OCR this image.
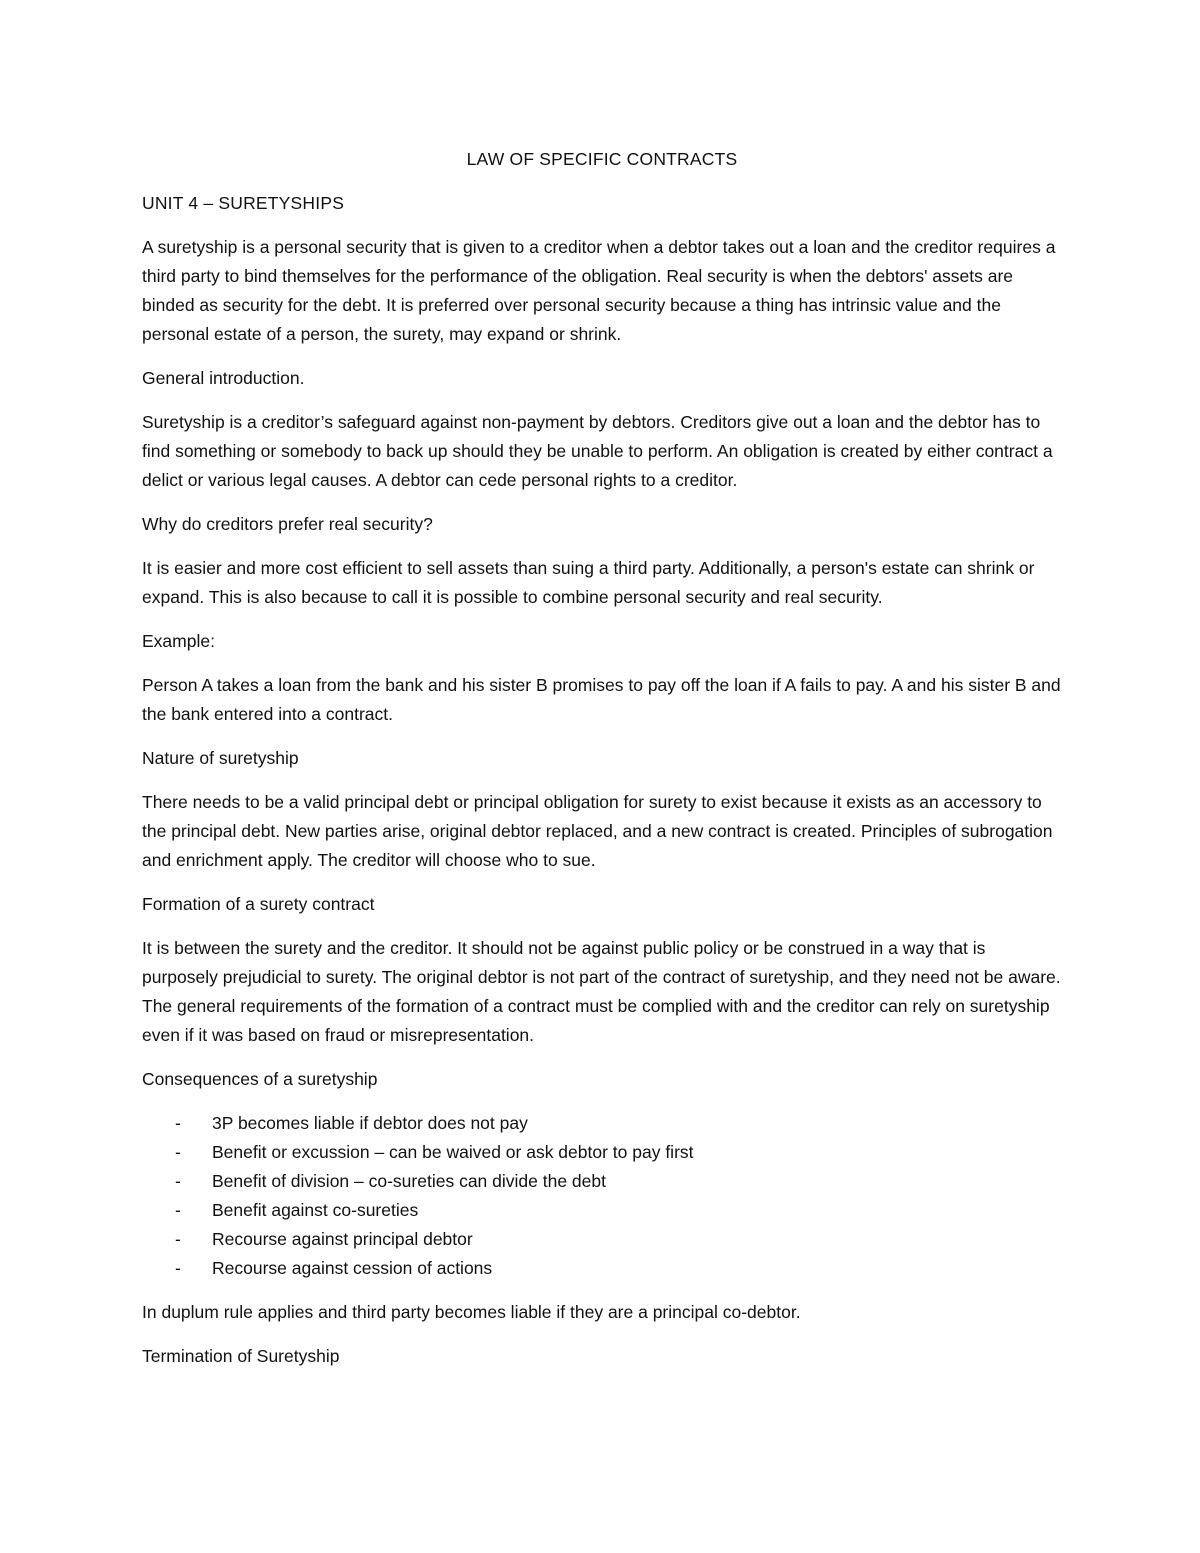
LAW OF SPECIFIC CONTRACTS
UNIT 4 – SURETYSHIPS

A suretyship is a personal security that is given to a creditor when a debtor takes out a loan and the creditor requires a third party to bind themselves for the performance of the obligation. Real security is when the debtors' assets are binded as security for the debt. It is preferred over personal security because a thing has intrinsic value and the personal estate of a person, the surety, may expand or shrink.

General introduction.

Suretyship is a creditor’s safeguard against non-payment by debtors. Creditors give out a loan and the debtor has to find something or somebody to back up should they be unable to perform. An obligation is created by either contract a delict or various legal causes. A debtor can cede personal rights to a creditor.

Why do creditors prefer real security?

It is easier and more cost efficient to sell assets than suing a third party. Additionally, a person's estate can shrink or expand. This is also because to call it is possible to combine personal security and real security.

Example:

Person A takes a loan from the bank and his sister B promises to pay off the loan if A fails to pay. A and his sister B and the bank entered into a contract.

Nature of suretyship

There needs to be a valid principal debt or principal obligation for surety to exist because it exists as an accessory to the principal debt. New parties arise, original debtor replaced, and a new contract is created. Principles of subrogation and enrichment apply. The creditor will choose who to sue.

Formation of a surety contract

It is between the surety and the creditor. It should not be against public policy or be construed in a way that is purposely prejudicial to surety. The original debtor is not part of the contract of suretyship, and they need not be aware. The general requirements of the formation of a contract must be complied with and the creditor can rely on suretyship even if it was based on fraud or misrepresentation.

Consequences of a suretyship
- 3P becomes liable if debtor does not pay
- Benefit or excussion – can be waived or ask debtor to pay first
- Benefit of division – co-sureties can divide the debt
- Benefit against co-sureties
- Recourse against principal debtor
- Recourse against cession of actions

In duplum rule applies and third party becomes liable if they are a principal co-debtor.

Termination of Suretyship
